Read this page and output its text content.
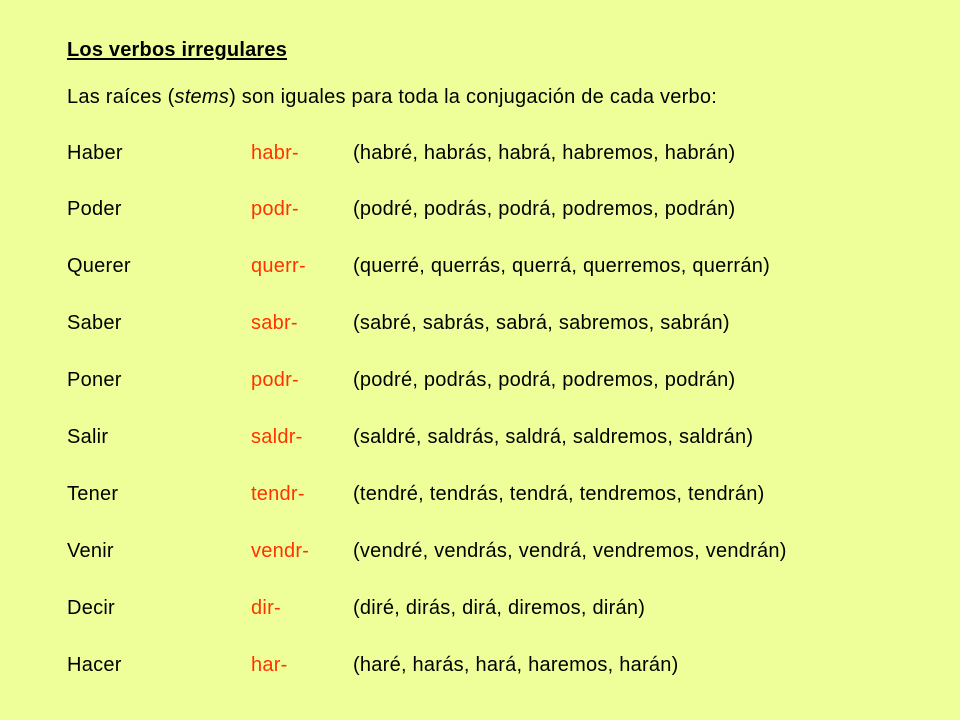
Los verbos irregulares
Las raíces (stems) son iguales para toda la conjugación de cada verbo:
Haber	habr-	(habré, habrás, habrá, habremos, habrán)
Poder	podr-	(podré, podrás, podrá, podremos, podrán)
Querer	querr- (querré, querrás, querrá, querremos, querrán)
Saber	sabr-	(sabré, sabrás, sabrá, sabremos, sabrán)
Poner	podr-	(podré, podrás, podrá, podremos, podrán)
Salir	saldr-	(saldré, saldrás, saldrá, saldremos, saldrán)
Tener	tendr- (tendré, tendrás, tendrá, tendremos, tendrán)
Venir	vendr- (vendré, vendrás, vendrá, vendremos, vendrán)
Decir	dir-	(diré, dirás, dirá, diremos, dirán)
Hacer	har-	(haré, harás, hará, haremos, harán)
